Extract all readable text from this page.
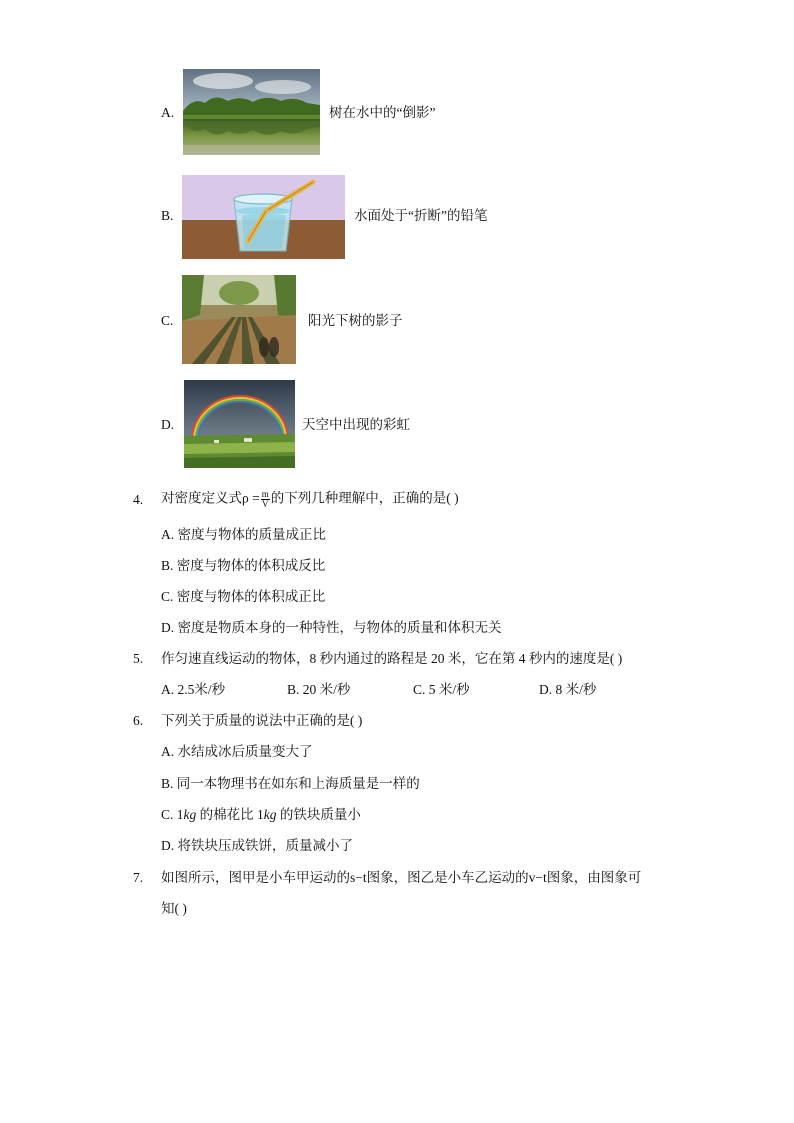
A.	树在水中的“倒影”
B.	水面处于“折断”的铅笔
C.	阳光下树的影子
D.	天空中出现的彩虹
4. 对密度定义式$\rho = \frac{m}{V}$ 的下列几种理解中，正确的是( )
A. 密度与物体的质量成正比
B. 密度与物体的体积成反比
C. 密度与物体的体积成正比
D. 密度是物质本身的一种特性，与物体的质量和体积无关
5. 作匀速直线运动的物体，8 秒内通过的路程是 20 米，它在第 4 秒内的速度是( )
A. 2.5米/秒	B. 20 米/秒	C. 5 米/秒	D. 8 米/秒
6. 下列关于质量的说法中正确的是( )
A. 水结成冰后质量变大了
B. 同一本物理书在如东和上海质量是一样的
C. 1kg 的棉花比 1kg 的铁块质量小
D. 将铁块压成铁饼，质量减小了
7. 如图所示，图甲是小车甲运动的s−t图象，图乙是小车乙运动的v−t图象，由图象可
知( )
